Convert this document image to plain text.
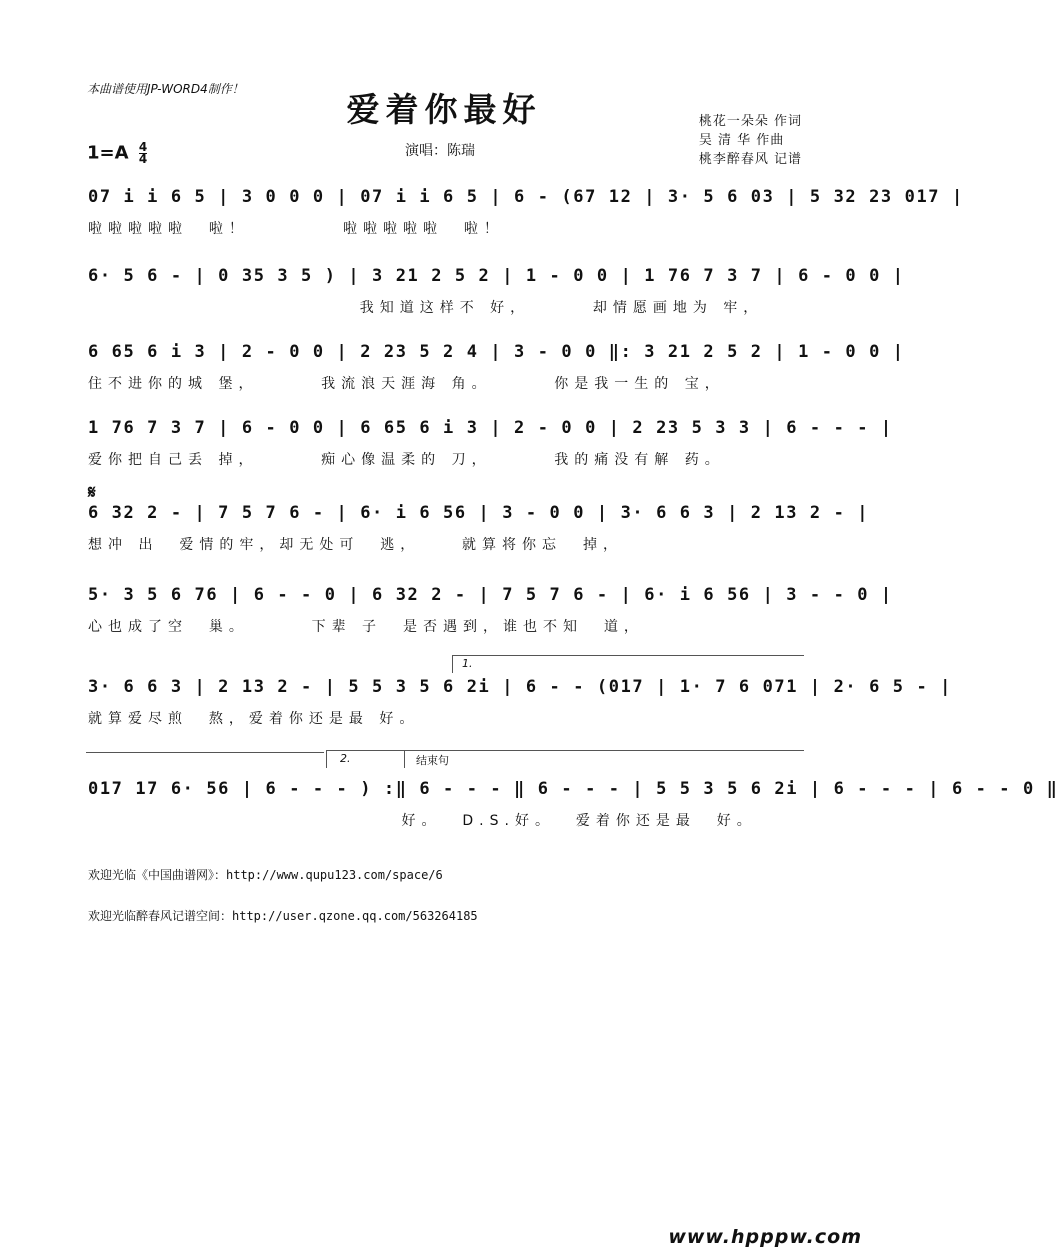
本曲谱使用JP-WORD4制作！
爱着你最好	桃花一朵朵 作词
吴 清 华 作曲
桃李醉春风 记谱
$1=A \frac{4}{4}$	演唱：陈瑞
07 i i 6 5 | 3 0 0 0 | 07 i i 6 5 | 6 - (67 12 | 3· 5 6 03 | 5 32 23 017 |
啦啦啦啦啦  啦！         啦啦啦啦啦  啦！
6· 5 6 - | 0 35 3 5 ) | 3 21 2 5 2 | 1 - 0 0 | 1 76 7 3 7 | 6 - 0 0 |
我知道这样不 好，      却情愿画地为 牢，
6 65 6 i 3 | 2 - 0 0 | 2 23 5 2 4 | 3 - 0 0 ‖: 3 21 2 5 2 | 1 - 0 0 |
住不进你的城 堡，      我流浪天涯海 角。      你是我一生的 宝，
1 76 7 3 7 | 6 - 0 0 | 6 65 6 i 3 | 2 - 0 0 | 2 23 5 3 3 | 6 - - - |
爱你把自己丢 掉，      痴心像温柔的 刀，      我的痛没有解 药。
𝄋
6 32 2 - | 7 5 7 6 - | 6· i 6 56 | 3 - 0 0 | 3· 6 6 3 | 2 13 2 - |
想冲 出  爱情的牢，却无处可  逃，    就算将你忘  掉，
5· 3 5 6 76 | 6 - - 0 | 6 32 2 - | 7 5 7 6 - | 6· i 6 56 | 3 - - 0 |
心也成了空  巢。      下辈 子  是否遇到，谁也不知  道，
1.
3· 6 6 3 | 2 13 2 - | 5 5 3 5 6 2i | 6 - - (017 | 1· 7 6 071 | 2· 6 5 - |
就算爱尽煎  熬，爱着你还是最 好。
2.	结束句
017 17 6· 56 | 6 - - - ) :‖ 6 - - - ‖ 6 - - - | 5 5 3 5 6 2i | 6 - - - | 6 - - 0 ‖
好。  D.S.好。  爱着你还是最  好。
欢迎光临《中国曲谱网》：http://www.qupu123.com/space/6
欢迎光临醉春风记谱空间：http://user.qzone.qq.com/563264185
www.hpppw.com
